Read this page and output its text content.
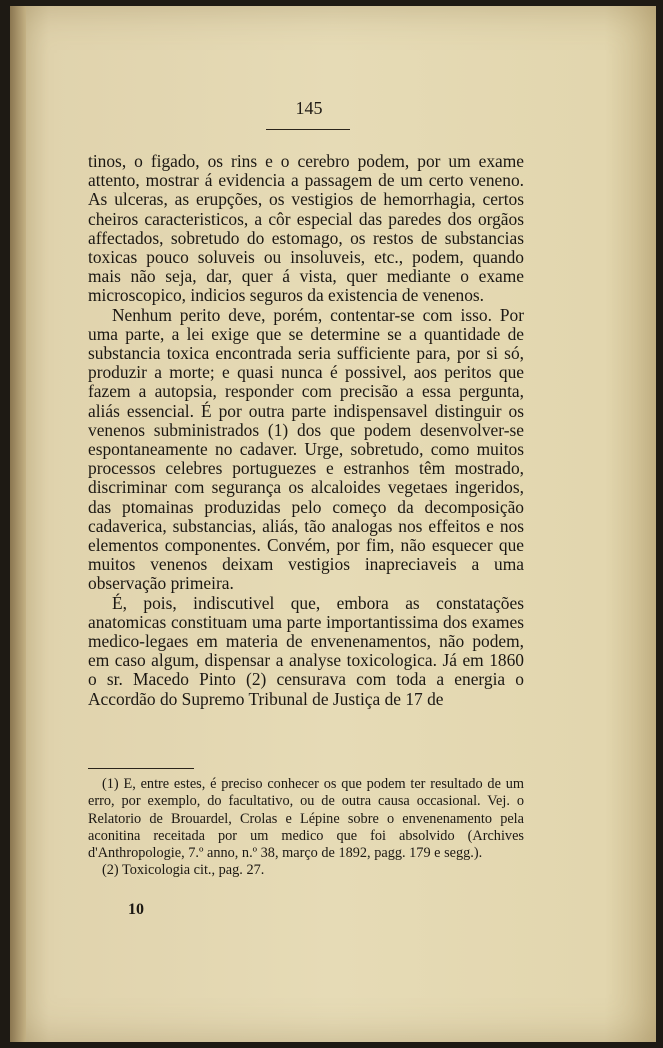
145

tinos, o figado, os rins e o cerebro podem, por um exame attento, mostrar á evidencia a passagem de um certo veneno. As ulceras, as erupções, os vestigios de hemorrhagia, certos cheiros caracteristicos, a côr especial das paredes dos orgãos affectados, sobretudo do estomago, os restos de substancias toxicas pouco soluveis ou insoluveis, etc., podem, quando mais não seja, dar, quer á vista, quer mediante o exame microscopico, indicios seguros da existencia de venenos.

Nenhum perito deve, porém, contentar-se com isso. Por uma parte, a lei exige que se determine se a quantidade de substancia toxica encontrada seria sufficiente para, por si só, produzir a morte; e quasi nunca é possivel, aos peritos que fazem a autopsia, responder com precisão a essa pergunta, aliás essencial. É por outra parte indispensavel distinguir os venenos subministrados (1) dos que podem desenvolver-se espontaneamente no cadaver. Urge, sobretudo, como muitos processos celebres portuguezes e estranhos têm mostrado, discriminar com segurança os alcaloides vegetaes ingeridos, das ptomainas produzidas pelo começo da decomposição cadaverica, substancias, aliás, tão analogas nos effeitos e nos elementos componentes. Convém, por fim, não esquecer que muitos venenos deixam vestigios inapreciaveis a uma observação primeira.

É, pois, indiscutivel que, embora as constatações anatomicas constituam uma parte importantissima dos exames medico-legaes em materia de envenenamentos, não podem, em caso algum, dispensar a analyse toxicologica. Já em 1860 o sr. Macedo Pinto (2) censurava com toda a energia o Accordão do Supremo Tribunal de Justiça de 17 de

(1) E, entre estes, é preciso conhecer os que podem ter resultado de um erro, por exemplo, do facultativo, ou de outra causa occasional. Vej. o Relatorio de Brouardel, Crolas e Lépine sobre o envenenamento pela aconitina receitada por um medico que foi absolvido (Archives d'Anthropologie, 7.º anno, n.º 38, março de 1892, pagg. 179 e segg.).

(2) Toxicologia cit., pag. 27.

10
